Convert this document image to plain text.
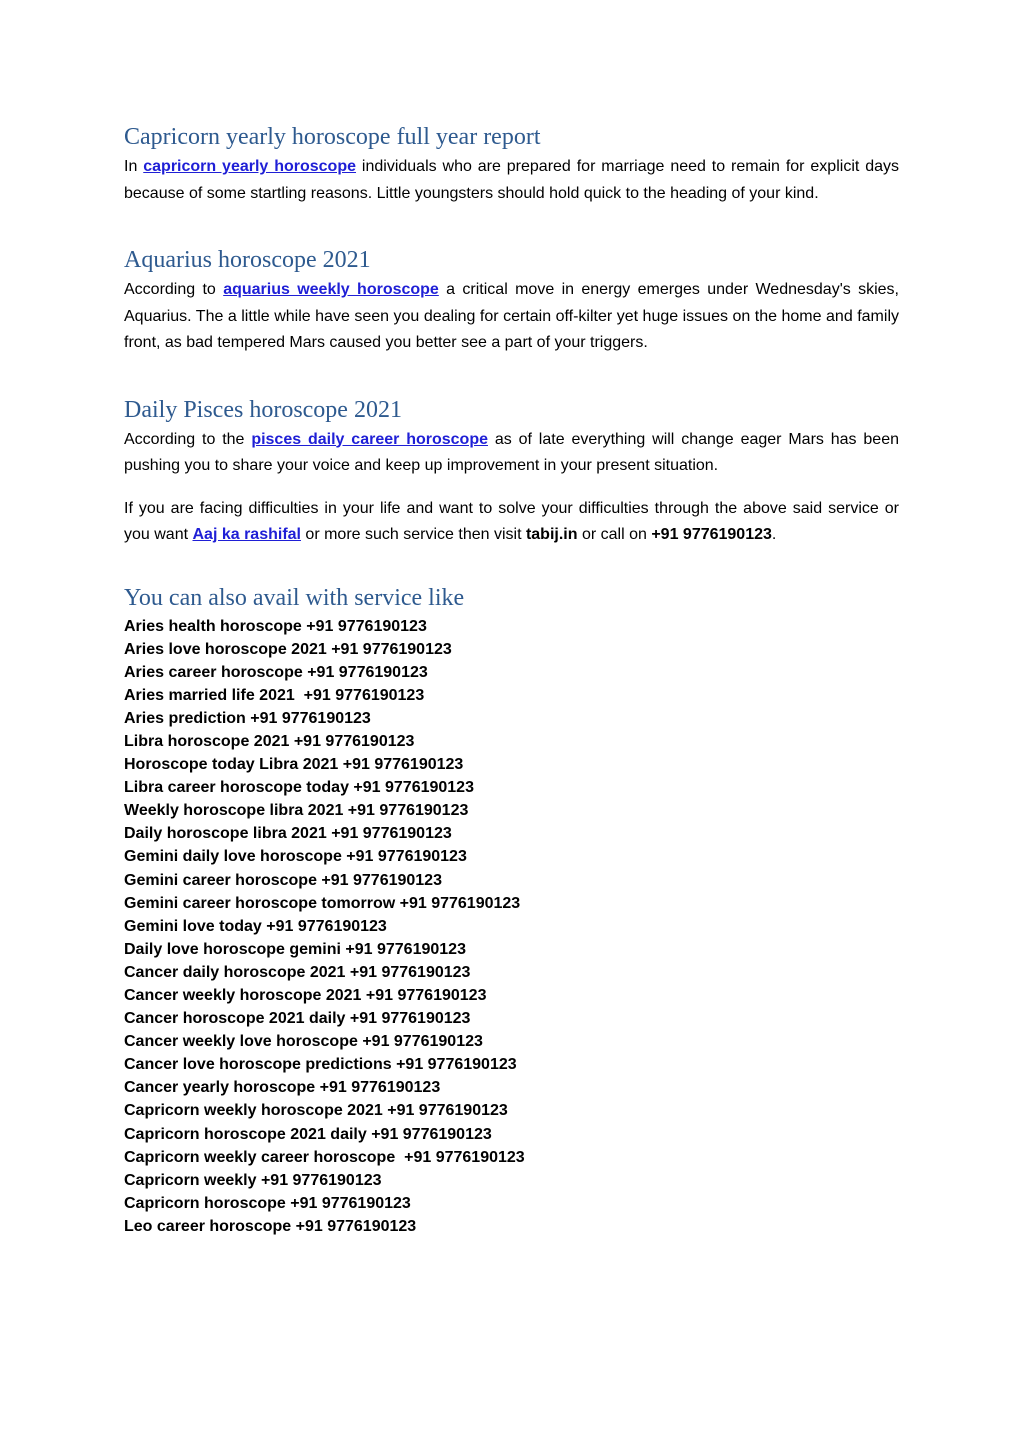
Capricorn yearly horoscope full year report

In capricorn yearly horoscope individuals who are prepared for marriage need to remain for explicit days because of some startling reasons. Little youngsters should hold quick to the heading of your kind.

Aquarius horoscope 2021

According to aquarius weekly horoscope a critical move in energy emerges under Wednesday's skies, Aquarius. The a little while have seen you dealing for certain off-kilter yet huge issues on the home and family front, as bad tempered Mars caused you better see a part of your triggers.

Daily Pisces horoscope 2021

According to the pisces daily career horoscope as of late everything will change eager Mars has been pushing you to share your voice and keep up improvement in your present situation.

If you are facing difficulties in your life and want to solve your difficulties through the above said service or you want Aaj ka rashifal or more such service then visit tabij.in or call on +91 9776190123.

You can also avail with service like
Aries health horoscope +91 9776190123
Aries love horoscope 2021 +91 9776190123
Aries career horoscope +91 9776190123
Aries married life 2021  +91 9776190123
Aries prediction +91 9776190123
Libra horoscope 2021 +91 9776190123
Horoscope today Libra 2021 +91 9776190123
Libra career horoscope today +91 9776190123
Weekly horoscope libra 2021 +91 9776190123
Daily horoscope libra 2021 +91 9776190123
Gemini daily love horoscope +91 9776190123
Gemini career horoscope +91 9776190123
Gemini career horoscope tomorrow +91 9776190123
Gemini love today +91 9776190123
Daily love horoscope gemini +91 9776190123
Cancer daily horoscope 2021 +91 9776190123
Cancer weekly horoscope 2021 +91 9776190123
Cancer horoscope 2021 daily +91 9776190123
Cancer weekly love horoscope +91 9776190123
Cancer love horoscope predictions +91 9776190123
Cancer yearly horoscope +91 9776190123
Capricorn weekly horoscope 2021 +91 9776190123
Capricorn horoscope 2021 daily +91 9776190123
Capricorn weekly career horoscope  +91 9776190123
Capricorn weekly +91 9776190123
Capricorn horoscope +91 9776190123
Leo career horoscope +91 9776190123
